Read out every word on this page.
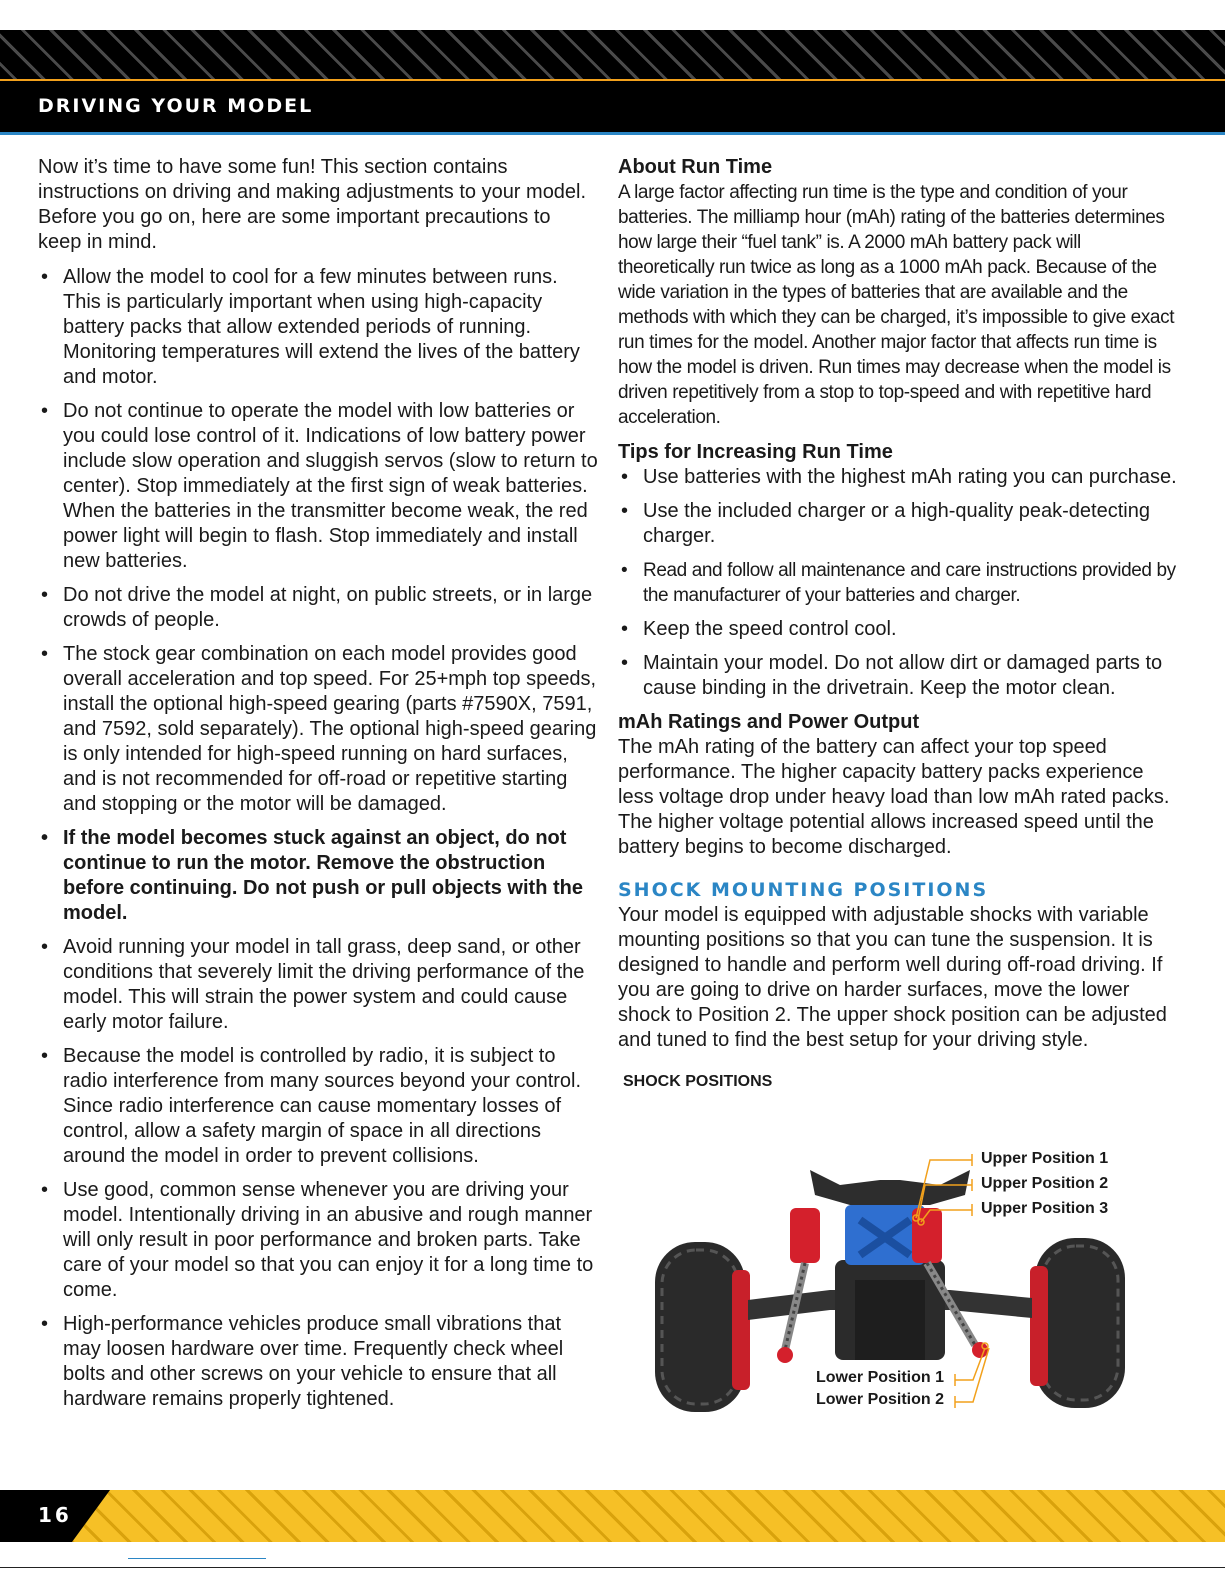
DRIVING YOUR MODEL

Now it’s time to have some fun! This section contains instructions on driving and making adjustments to your model. Before you go on, here are some important precautions to keep in mind.

• Allow the model to cool for a few minutes between runs. This is particularly important when using high-capacity battery packs that allow extended periods of running. Monitoring temperatures will extend the lives of the battery and motor.
• Do not continue to operate the model with low batteries or you could lose control of it. Indications of low battery power include slow operation and sluggish servos (slow to return to center). Stop immediately at the first sign of weak batteries. When the batteries in the transmitter become weak, the red power light will begin to flash. Stop immediately and install new batteries.
• Do not drive the model at night, on public streets, or in large crowds of people.
• The stock gear combination on each model provides good overall acceleration and top speed. For 25+mph top speeds, install the optional high-speed gearing (parts #7590X, 7591, and 7592, sold separately). The optional high-speed gearing is only intended for high-speed running on hard surfaces, and is not recommended for off-road or repetitive starting and stopping or the motor will be damaged.
• If the model becomes stuck against an object, do not continue to run the motor. Remove the obstruction before continuing. Do not push or pull objects with the model.
• Avoid running your model in tall grass, deep sand, or other conditions that severely limit the driving performance of the model. This will strain the power system and could cause early motor failure.
• Because the model is controlled by radio, it is subject to radio interference from many sources beyond your control. Since radio interference can cause momentary losses of control, allow a safety margin of space in all directions around the model in order to prevent collisions.
• Use good, common sense whenever you are driving your model. Intentionally driving in an abusive and rough manner will only result in poor performance and broken parts. Take care of your model so that you can enjoy it for a long time to come.
• High-performance vehicles produce small vibrations that may loosen hardware over time. Frequently check wheel bolts and other screws on your vehicle to ensure that all hardware remains properly tightened.

About Run Time

A large factor affecting run time is the type and condition of your batteries. The milliamp hour (mAh) rating of the batteries determines how large their “fuel tank” is. A 2000 mAh battery pack will theoretically run twice as long as a 1000 mAh pack. Because of the wide variation in the types of batteries that are available and the methods with which they can be charged, it’s impossible to give exact run times for the model. Another major factor that affects run time is how the model is driven. Run times may decrease when the model is driven repetitively from a stop to top-speed and with repetitive hard acceleration.

Tips for Increasing Run Time

• Use batteries with the highest mAh rating you can purchase.
• Use the included charger or a high-quality peak-detecting charger.
• Read and follow all maintenance and care instructions provided by the manufacturer of your batteries and charger.
• Keep the speed control cool.
• Maintain your model. Do not allow dirt or damaged parts to cause binding in the drivetrain. Keep the motor clean.

mAh Ratings and Power Output

The mAh rating of the battery can affect your top speed performance. The higher capacity battery packs experience less voltage drop under heavy load than low mAh rated packs. The higher voltage potential allows increased speed until the battery begins to become discharged.

SHOCK MOUNTING POSITIONS

Your model is equipped with adjustable shocks with variable mounting positions so that you can tune the suspension. It is designed to handle and perform well during off-road driving. If you are going to drive on harder surfaces, move the lower shock to Position 2. The upper shock position can be adjusted and tuned to find the best setup for your driving style.

SHOCK POSITIONS

Upper Position 1
Upper Position 2
Upper Position 3
Lower Position 1
Lower Position 2
16
